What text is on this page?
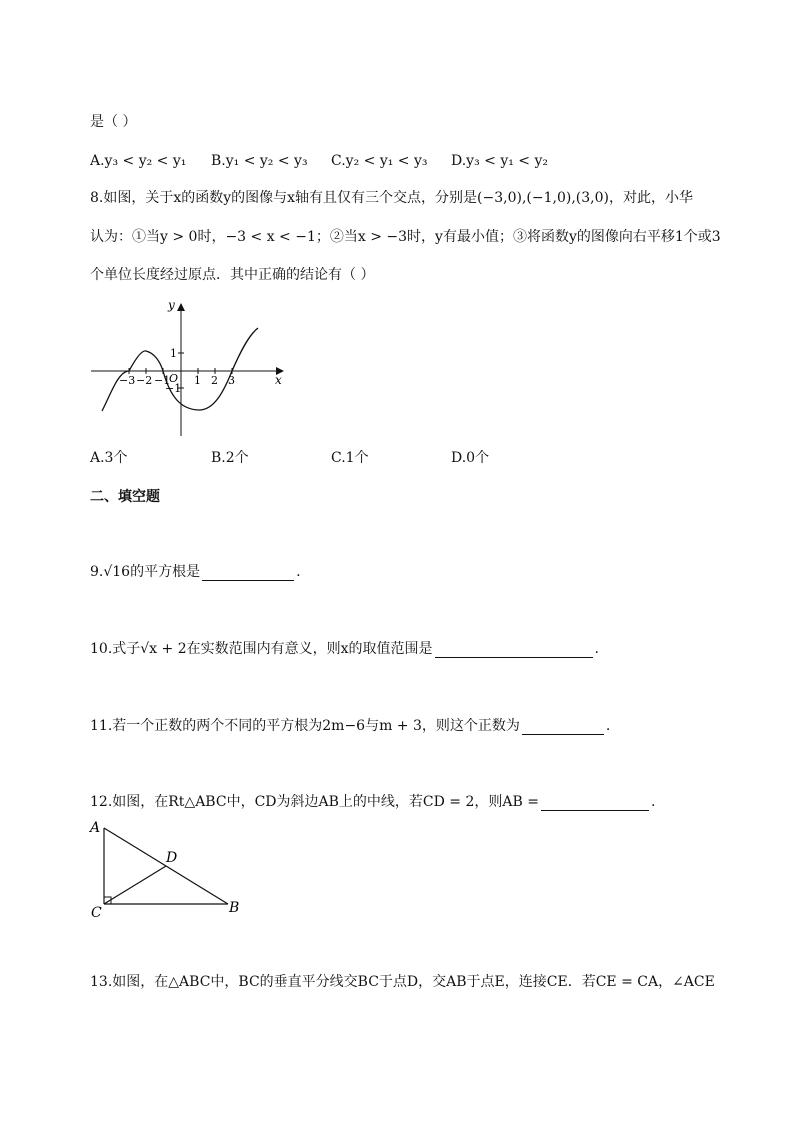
是（ ）
A.y₃ < y₂ < y₁ B.y₁ < y₂ < y₃ C.y₂ < y₁ < y₃ D.y₃ < y₁ < y₂
8.如图，关于x的函数y的图像与x轴有且仅有三个交点，分别是(−3,0),(−1,0),(3,0)，对此，小华
认为：①当y > 0时，−3 < x < −1；②当x > −3时，y有最小值；③将函数y的图像向右平移1个或3
个单位长度经过原点．其中正确的结论有（ ）
y
x
O
−3 −2 −1 1 2 3
1
−1
A.3个	B.2个	C.1个	D.0个
二、填空题
9.√16的平方根是	.
10.式子√x + 2在实数范围内有意义，则x的取值范围是	.
11.若一个正数的两个不同的平方根为2m−6与m + 3，则这个正数为	.
12.如图，在Rt△ABC中，CD为斜边AB上的中线，若CD = 2，则AB =	.
A
C	B
D
13.如图，在△ABC中，BC的垂直平分线交BC于点D，交AB于点E，连接CE．若CE = CA，∠ACE
